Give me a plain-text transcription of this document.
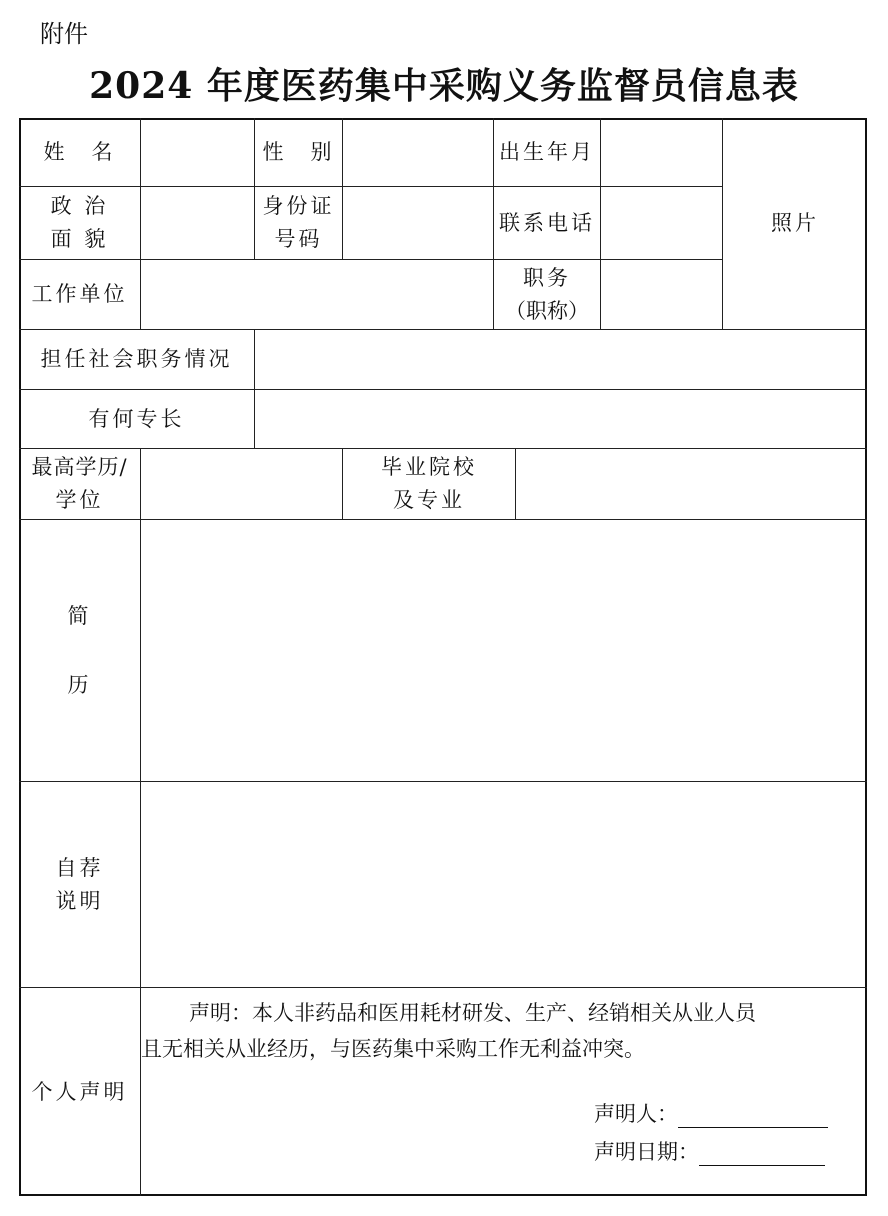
附件
2024 年度医药集中采购义务监督员信息表
姓　名	性　别	出生年月
照片
政 治
面 貌
身份证
号码
联系电话
工作单位
职务
（职称）
担任社会职务情况
有何专长
最高学历/
学位
毕业院校
及专业
简
历
自荐
说明
个人声明

声明：本人非药品和医用耗材研发、生产、经销相关从业人员

且无相关从业经历，与医药集中采购工作无利益冲突。

声明人：
声明日期：
